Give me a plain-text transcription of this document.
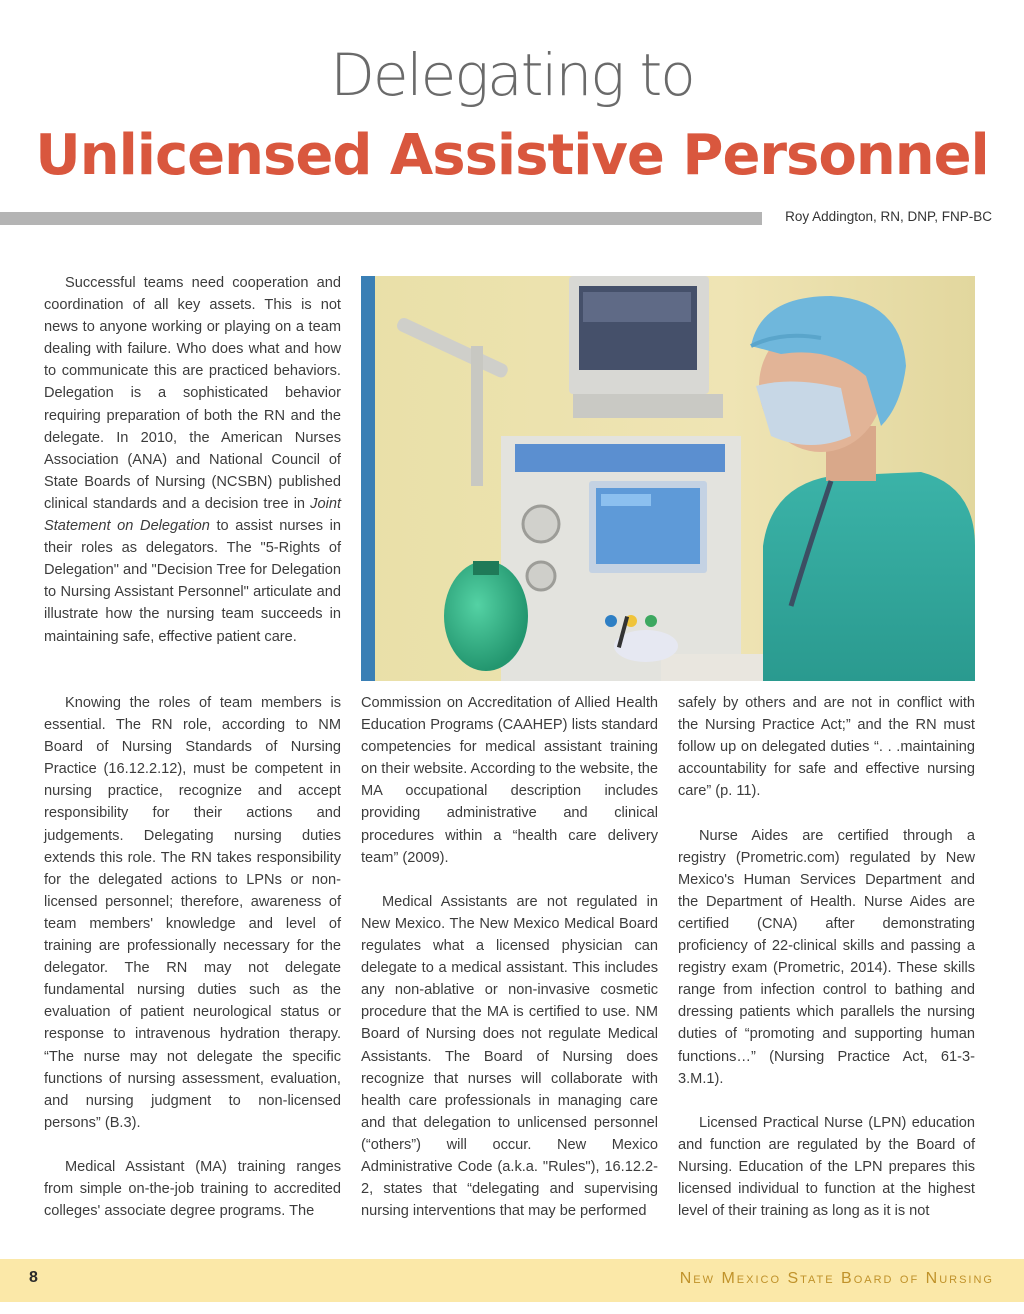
Delegating to
Unlicensed Assistive Personnel
Roy Addington, RN, DNP, FNP-BC

Successful teams need cooperation and coordination of all key assets. This is not news to anyone working or playing on a team dealing with failure. Who does what and how to communicate this are practiced behaviors. Delegation is a sophisticated behavior requiring preparation of both the RN and the delegate. In 2010, the American Nurses Association (ANA) and National Council of State Boards of Nursing (NCSBN) published clinical standards and a decision tree in Joint Statement on Delegation to assist nurses in their roles as delegators. The "5-Rights of Delegation" and "Decision Tree for Delegation to Nursing Assistant Personnel" articulate and illustrate how the nursing team succeeds in maintaining safe, effective patient care.

Knowing the roles of team members is essential. The RN role, according to NM Board of Nursing Standards of Nursing Practice (16.12.2.12), must be competent in nursing practice, recognize and accept responsibility for their actions and judgements. Delegating nursing duties extends this role. The RN takes responsibility for the delegated actions to LPNs or non-licensed personnel; therefore, awareness of team members' knowledge and level of training are professionally necessary for the delegator. The RN may not delegate fundamental nursing duties such as the evaluation of patient neurological status or response to intravenous hydration therapy. “The nurse may not delegate the specific functions of nursing assessment, evaluation, and nursing judgment to non-licensed persons” (B.3).

Medical Assistant (MA) training ranges from simple on-the-job training to accredited colleges' associate degree programs. The

Commission on Accreditation of Allied Health Education Programs (CAAHEP) lists standard competencies for medical assistant training on their website. According to the website, the MA occupational description includes providing administrative and clinical procedures within a “health care delivery team” (2009).

Medical Assistants are not regulated in New Mexico. The New Mexico Medical Board regulates what a licensed physician can delegate to a medical assistant. This includes any non-ablative or non-invasive cosmetic procedure that the MA is certified to use. NM Board of Nursing does not regulate Medical Assistants. The Board of Nursing does recognize that nurses will collaborate with health care professionals in managing care and that delegation to unlicensed personnel (“others”) will occur. New Mexico Administrative Code (a.k.a. "Rules"), 16.12.2-2, states that “delegating and supervising nursing interventions that may be performed

safely by others and are not in conflict with the Nursing Practice Act;” and the RN must follow up on delegated duties “. . .maintaining accountability for safe and effective nursing care” (p. 11).

Nurse Aides are certified through a registry (Prometric.com) regulated by New Mexico's Human Services Department and the Department of Health. Nurse Aides are certified (CNA) after demonstrating proficiency of 22-clinical skills and passing a registry exam (Prometric, 2014). These skills range from infection control to bathing and dressing patients which parallels the nursing duties of “promoting and supporting human functions…” (Nursing Practice Act, 61-3-3.M.1).

Licensed Practical Nurse (LPN) education and function are regulated by the Board of Nursing. Education of the LPN prepares this licensed individual to function at the highest level of their training as long as it is not

8	New Mexico State Board of Nursing
